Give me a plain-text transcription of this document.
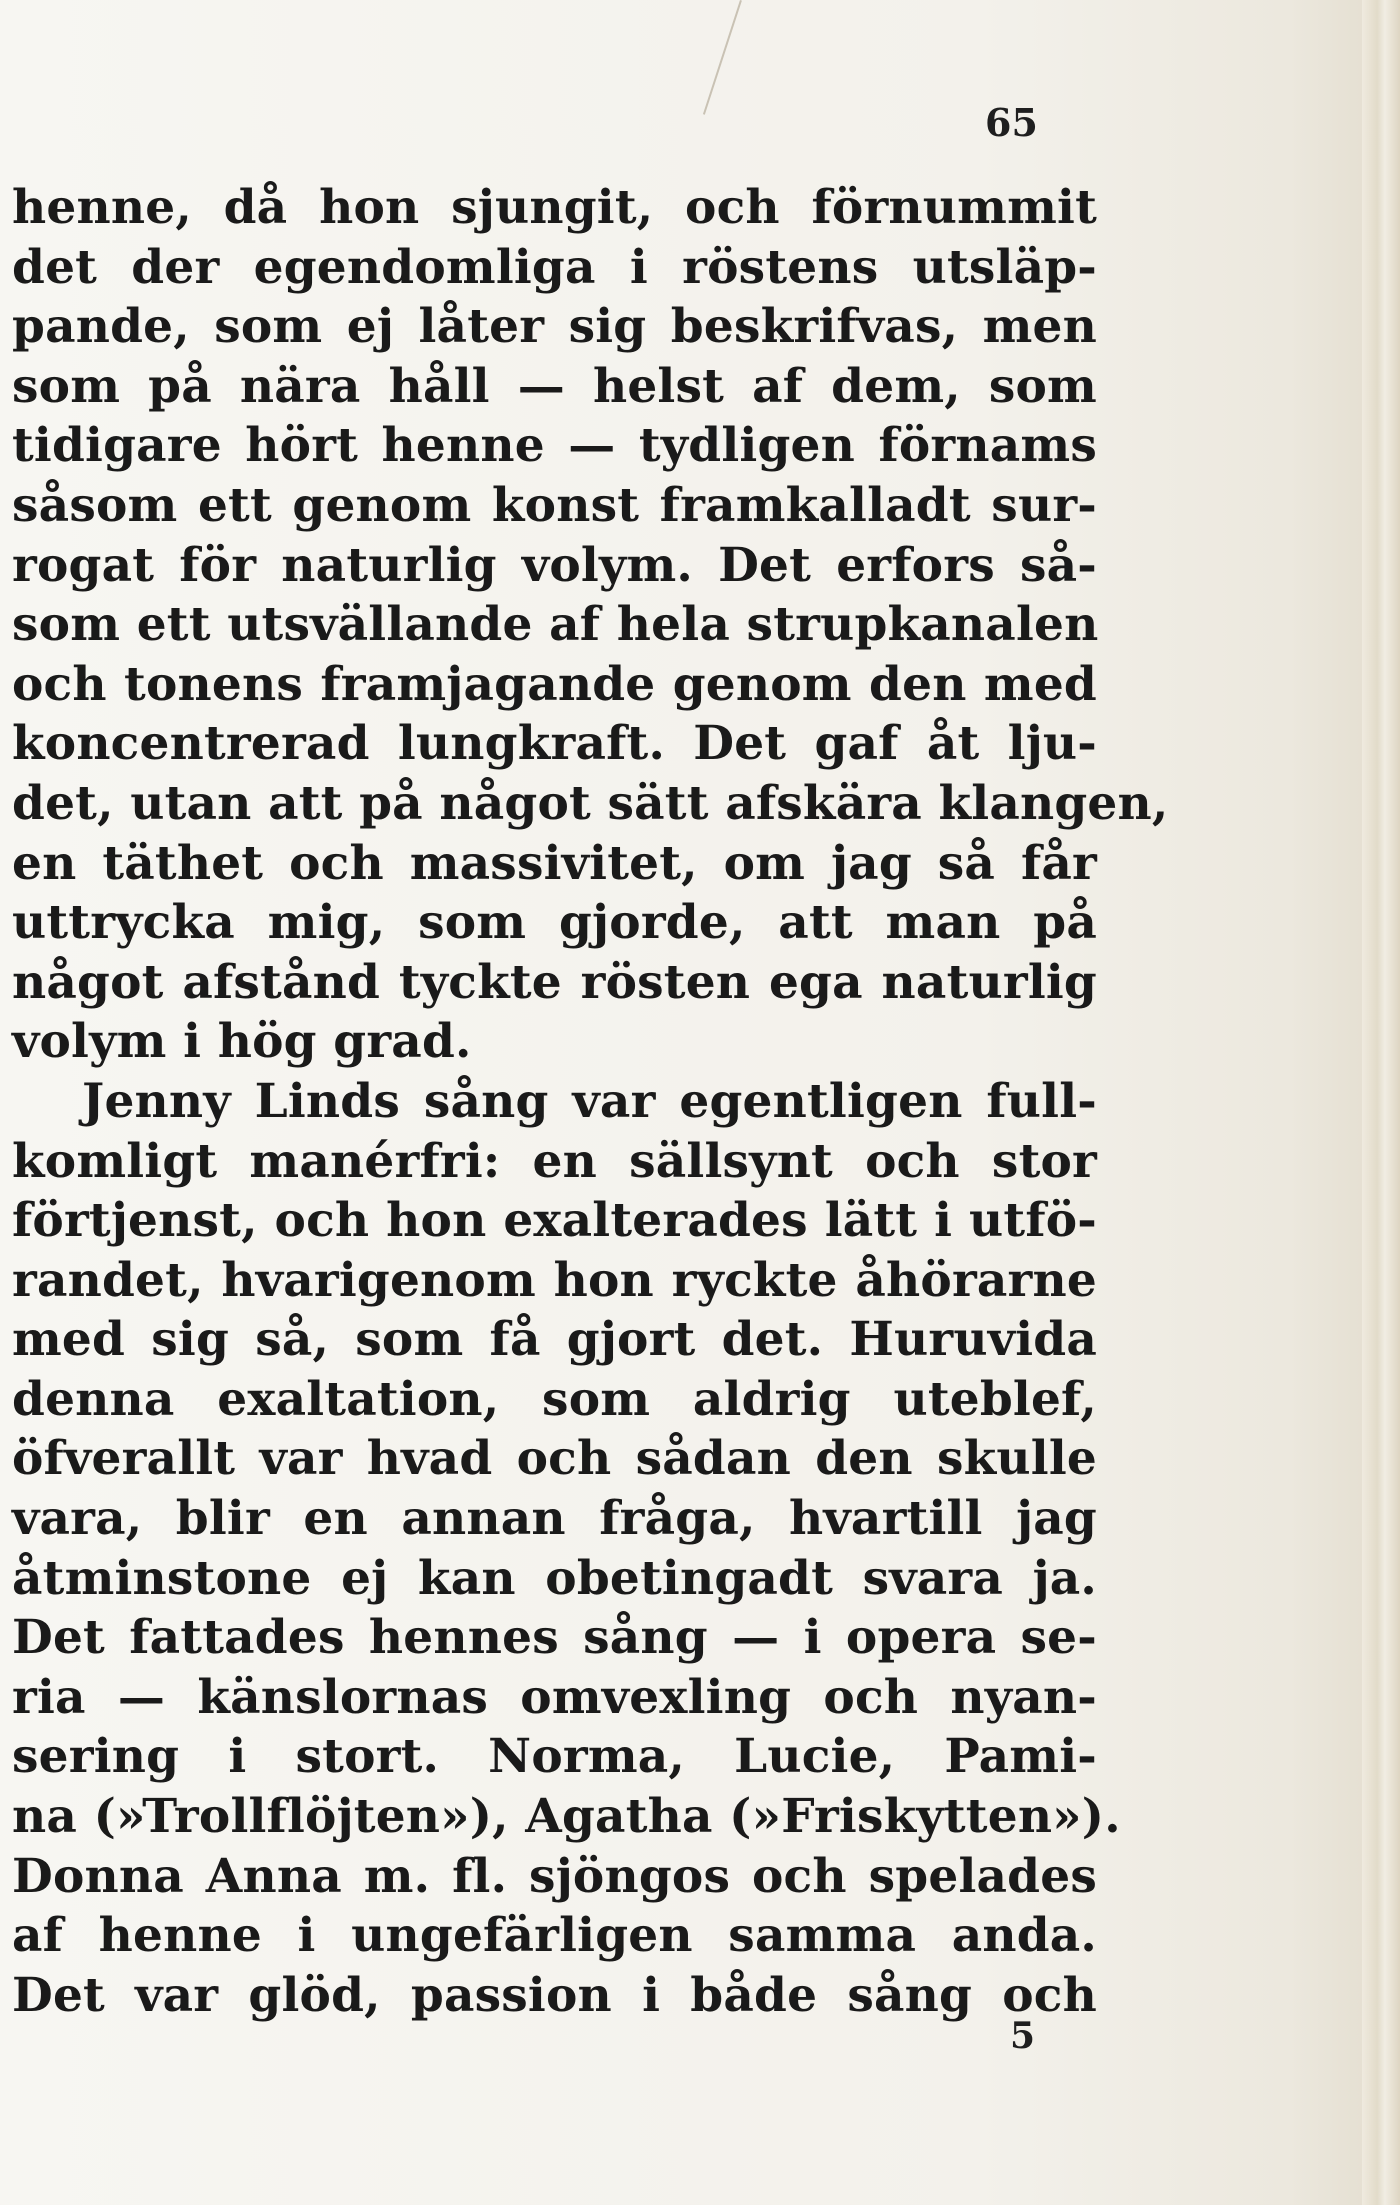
65
henne, då hon sjungit, och förnummit
det der egendomliga i röstens utsläp-
pande, som ej låter sig beskrifvas, men
som på nära håll — helst af dem, som
tidigare hört henne — tydligen förnams
såsom ett genom konst framkalladt sur-
rogat för naturlig volym. Det erfors så-
som ett utsvällande af hela strupkanalen
och tonens framjagande genom den med
koncentrerad lungkraft. Det gaf åt lju-
det, utan att på något sätt afskära klangen,
en täthet och massivitet, om jag så får
uttrycka mig, som gjorde, att man på
något afstånd tyckte rösten ega naturlig
volym i hög grad.
Jenny Linds sång var egentligen full-
komligt manérfri: en sällsynt och stor
förtjenst, och hon exalterades lätt i utfö-
randet, hvarigenom hon ryckte åhörarne
med sig så, som få gjort det. Huruvida
denna exaltation, som aldrig uteblef,
öfverallt var hvad och sådan den skulle
vara, blir en annan fråga, hvartill jag
åtminstone ej kan obetingadt svara ja.
Det fattades hennes sång — i opera se-
ria — känslornas omvexling och nyan-
sering i stort. Norma, Lucie, Pami-
na (»Trollflöjten»), Agatha (»Friskytten»).
Donna Anna m. fl. sjöngos och spelades
af henne i ungefärligen samma anda.
Det var glöd, passion i både sång och
5
